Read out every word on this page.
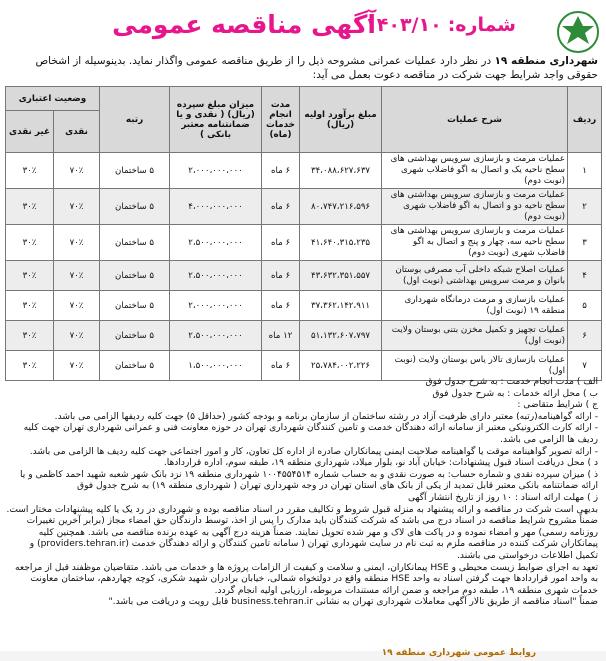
آگهی مناقصه عمومی	شماره:۱۴۰۳/۱۰
شهرداری منطقه ۱۹ در نظر دارد عملیات عمرانی مشروحه ذیل را از طریق مناقصه عمومی واگذار نماید. بدینوسیله از اشخاص حقوقی واجد شرایط جهت شرکت در مناقصه دعوت بعمل می آید:
ردیف	شرح عملیات	مبلغ برآورد اولیه (ریال)	مدت انجام خدمات (ماه)	میزان مبلغ سپرده (ریال) ( نقدی و یا ضمانتنامه معتبر بانکی )	رتبه	وضعیت اعتباری	
						نقدی	غیر نقدی
۱	عملیات مرمت و بازسازی سرویس بهداشتی های سطح ناحیه یک و اتصال به اگو فاضلاب شهری (نوبت دوم)	۳۴،۰۸۸،۶۲۷،۶۳۷	۶ ماه	۲،۰۰۰،۰۰۰،۰۰۰	۵ ساختمان	۷۰٪	۳۰٪
۲	عملیات مرمت و بازسازی سرویس بهداشتی های سطح ناحیه دو و اتصال به اگو فاضلاب شهری (نوبت دوم)	۸۰،۷۴۷،۲۱۶،۵۹۶	۶ ماه	۴،۰۰۰،۰۰۰،۰۰۰	۵ ساختمان	۷۰٪	۳۰٪
۳	عملیات مرمت و بازسازی سرویس بهداشتی های سطح ناحیه سه، چهار و پنج و اتصال به اگو فاضلاب شهری (نوبت دوم)	۴۱،۶۴۰،۳۱۵،۲۳۵	۶ ماه	۲،۵۰۰،۰۰۰،۰۰۰	۵ ساختمان	۷۰٪	۳۰٪
۴	عملیات اصلاح شبکه داخلی آب مصرفی بوستان بانوان و مرمت سرویس بهداشتی (نوبت اول)	۴۳،۶۳۲،۳۵۱،۵۵۷	۶ ماه	۲،۵۰۰،۰۰۰،۰۰۰	۵ ساختمان	۷۰٪	۳۰٪
۵	عملیات بازسازی و مرمت درمانگاه شهرداری منطقه ۱۹ (نوبت اول)	۳۷،۳۶۲،۱۴۲،۹۱۱	۶ ماه	۲،۰۰۰،۰۰۰،۰۰۰	۵ ساختمان	۷۰٪	۳۰٪
۶	عملیات تجهیز و تکمیل مخزن بتنی بوستان ولایت (نوبت اول)	۵۱،۱۳۲،۶۰۷،۷۹۷	۱۲ ماه	۲،۵۰۰،۰۰۰،۰۰۰	۵ ساختمان	۷۰٪	۳۰٪
۷	عملیات بازسازی تالار یاس بوستان ولایت (نوبت اول)	۲۵،۷۸۴،۰۰۲،۲۲۶	۶ ماه	۱،۵۰۰،۰۰۰،۰۰۰	۵ ساختمان	۷۰٪	۳۰٪

الف ) مدت انجام خدمت : به شرح جدول فوق

ب ) محل ارائه خدمات : به شرح جدول فوق

ج ) شرایط متقاضی :

- ارائه گواهینامه(رتبه) معتبر دارای ظرفیت آزاد در رشته ساختمان از سازمان برنامه و بودجه کشور (حداقل ۵) جهت کلیه ردیفها الزامی می باشد.

- ارائه کارت الکترونیکی معتبر از سامانه ارائه دهندگان خدمت و تامین کنندگان شهرداری تهران در حوزه معاونت فنی و عمرانی شهرداری تهران جهت کلیه ردیف ها الزامی می باشد.

- ارائه تصویر گواهینامه موقت یا گواهینامه صلاحیت ایمنی پیمانکاران صادره از اداره کل تعاون، کار و امور اجتماعی جهت کلیه ردیف ها الزامی می باشد.

د ) محل دریافت اسناد قبول پیشنهادات: خیابان آباد نو، بلوار میلاد، شهرداری منطقه ۱۹، طبقه سوم، اداره قراردادها.

ذ ) میزان سپرده نقدی و شماره حساب: به صورت نقدی و به حساب شماره ۱۰۰۴۵۵۴۵۱۴ شهرداری منطقه ۱۹ نزد بانک شهر شعبه شهید احمد کاظمی و یا ارائه ضمانتنامه بانکی معتبر قابل تمدید از یکی از بانک های استان تهران در وجه شهرداری تهران ( شهرداری منطقه ۱۹) به شرح جدول فوق

ز ) مهلت ارائه اسناد : ۱۰ روز از تاریخ انتشار آگهی

بدیهی است شرکت در مناقصه و ارائه پیشنهاد به منزله قبول شروط و تکالیف مقرر در اسناد مناقصه بوده و شهرداری در رد یک یا کلیه پیشنهادات مختار است. ضمناً مشروح شرایط مناقصه در اسناد درج می باشد که شرکت کنندگان باید مدارک را پس از اخذ، توسط دارندگان حق امضاء مجاز (برابر آخرین تغییرات روزنامه رسمی) مهر و امضاء نموده و در پاکت های لاک و مهر شده تحویل نمایند. ضمناً هزینه درج آگهی به عهده برنده مناقصه می باشد. همچنین کلیه پیمانکاران شرکت کننده در مناقصه ملزم به ثبت نام در سایت شهرداری تهران ( سامانه تامین کنندگان و ارائه دهندگان خدمت (providers.tehran.ir) و تکمیل اطلاعات درخواستی می باشند.

تعهد به اجرای ضوابط زیست محیطی و HSE پیمانکاران، ایمنی و سلامت و کیفیت از الزامات پروژه ها و خدمات می باشد. متقاضیان موظفند قبل از مراجعه به واحد امور قراردادها جهت گرفتن اسناد به واحد HSE منطقه واقع در دولتخواه شمالی، خیابان برادران شهید شکری، کوچه چهاردهم، ساختمان معاونت خدمات شهری منطقه ۱۹، طبقه دوم مراجعه و ضمن ارائه مستندات مربوطه، ارزیابی اولیه انجام گردد.

ضمناً "اسناد مناقصه از طریق تالار آگهی معاملات شهرداری تهران به نشانی business.tehran.ir قابل رویت و دریافت می باشد."

روابط عمومی شهرداری منطقه ۱۹
